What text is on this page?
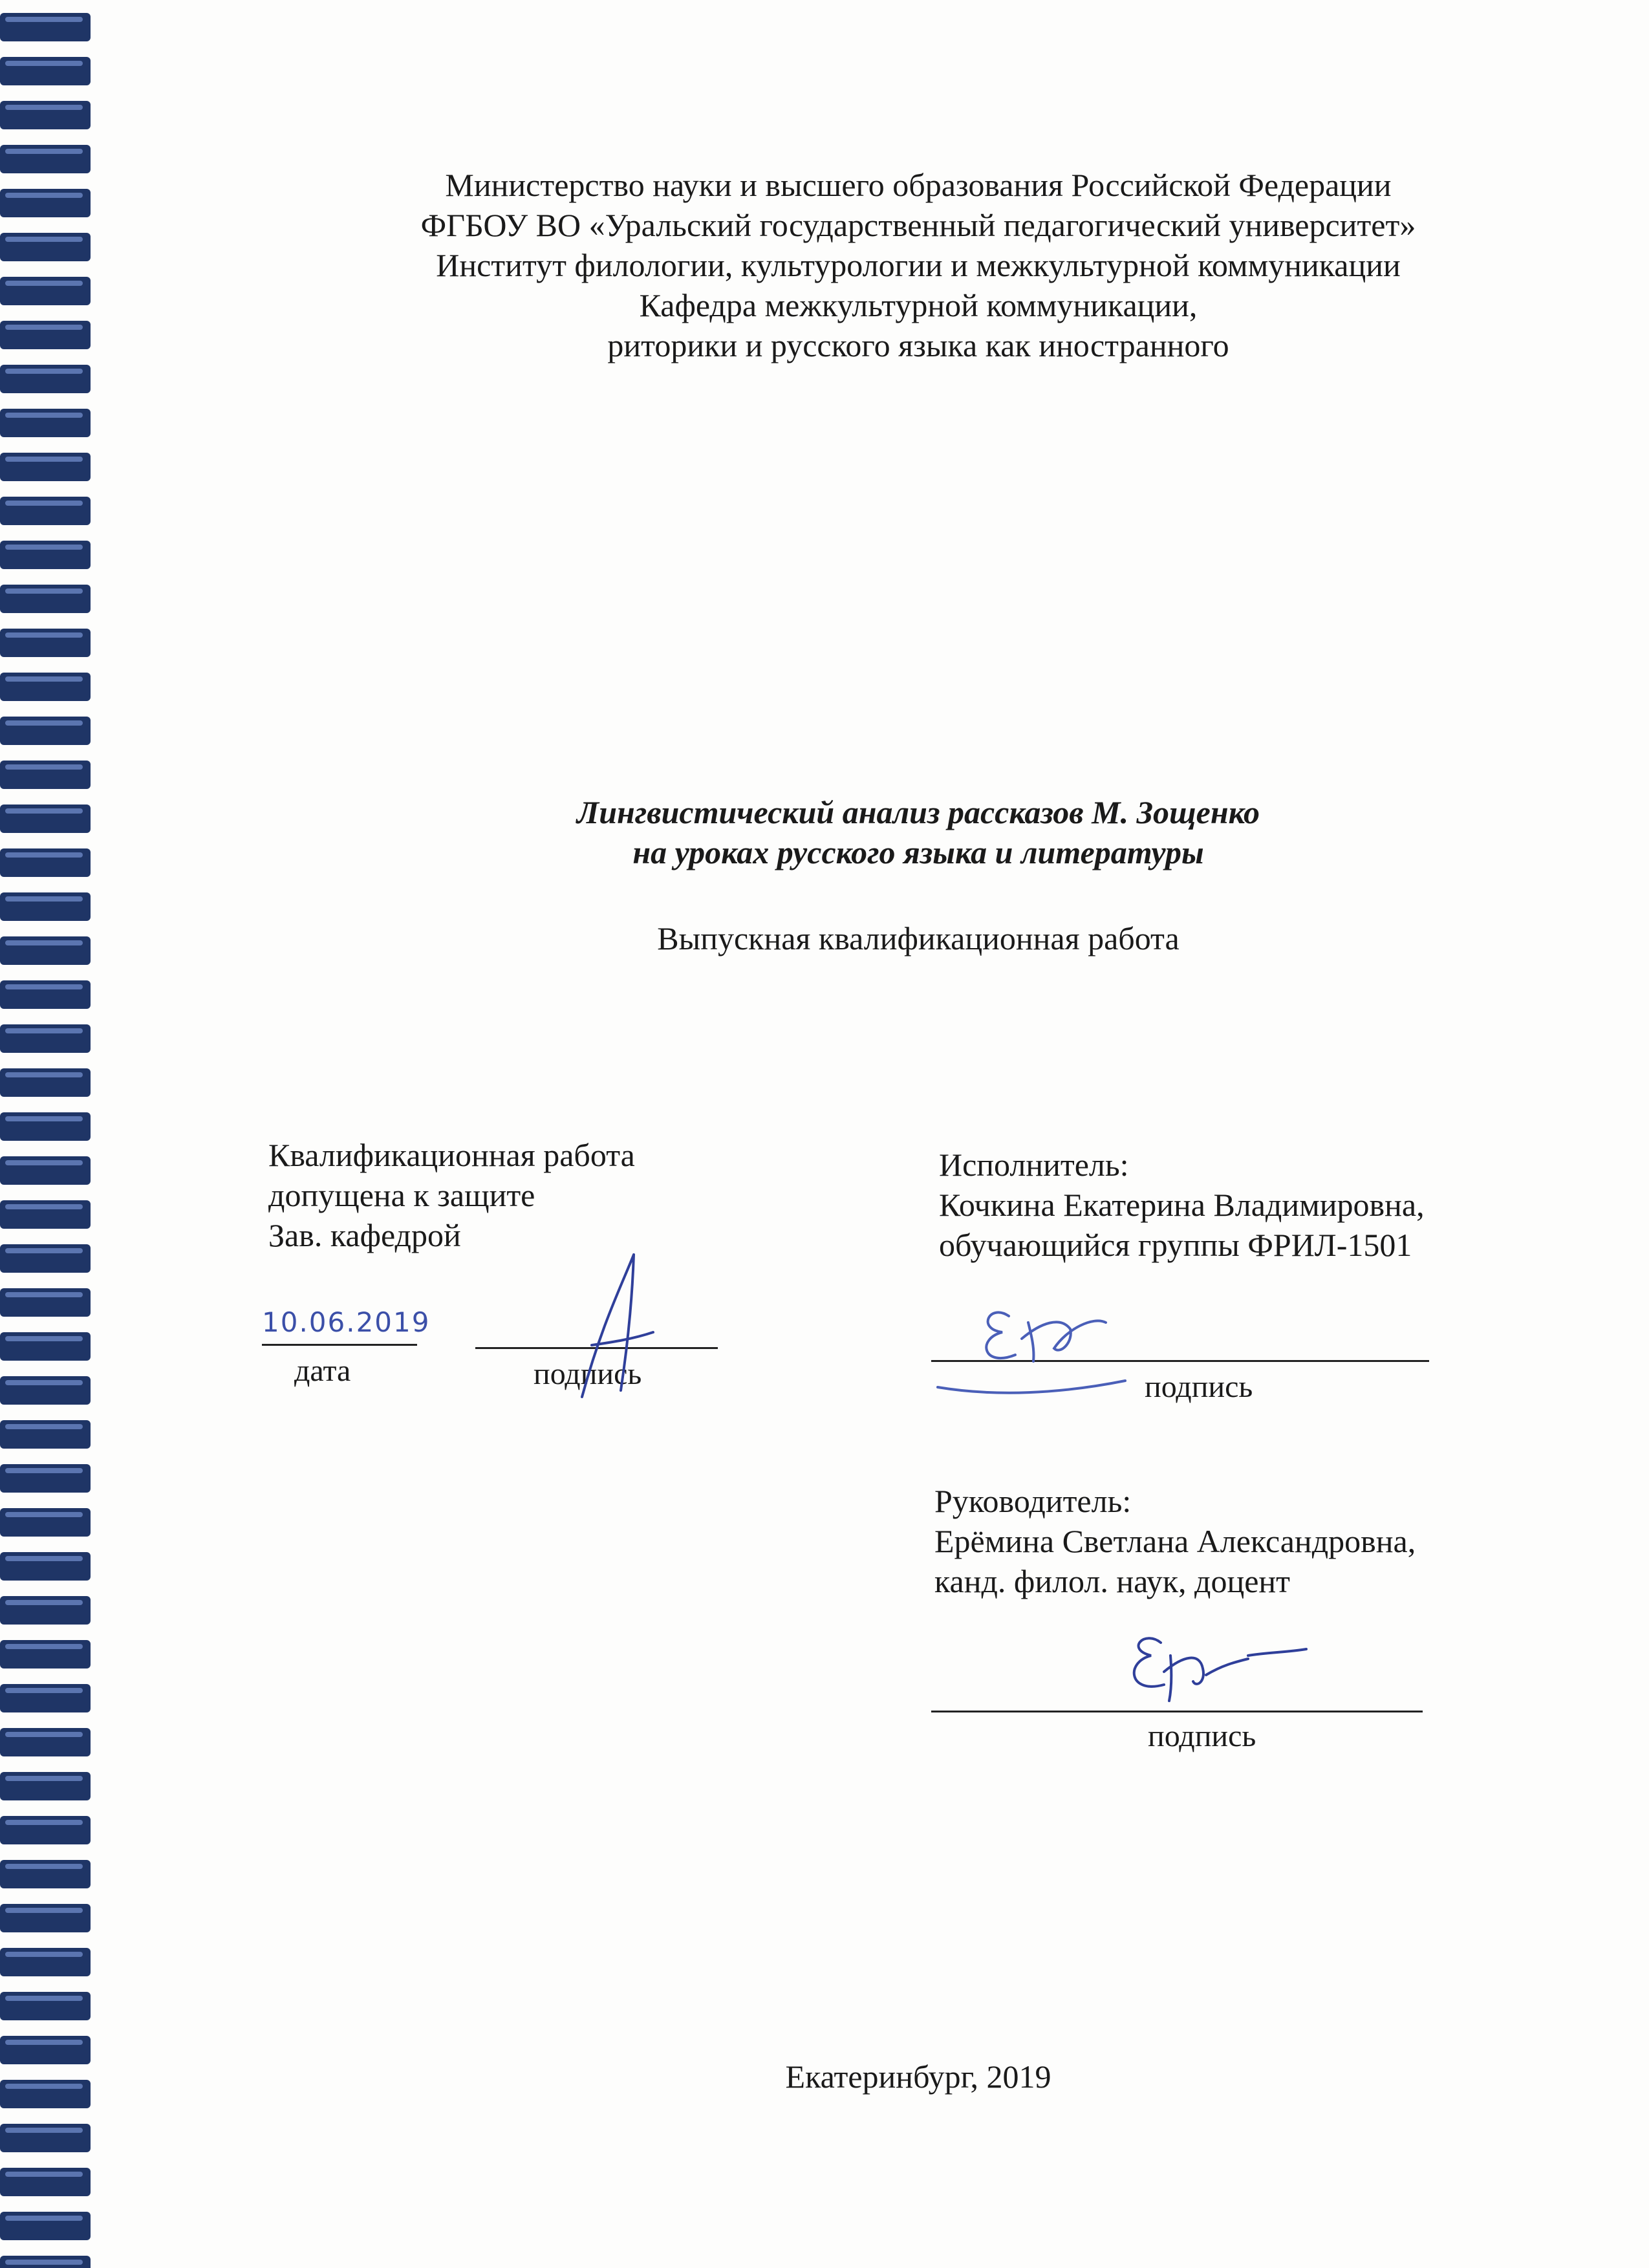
Министерство науки и высшего образования Российской Федерации
ФГБОУ ВО «Уральский государственный педагогический университет»
Институт филологии, культурологии и межкультурной коммуникации
Кафедра межкультурной коммуникации,
риторики и русского языка как иностранного
Лингвистический анализ рассказов М. Зощенко
на уроках русского языка и литературы
Выпускная квалификационная работа
Квалификационная работа
допущена к защите
Зав. кафедрой
10.06.2019
дата	подпись
Исполнитель:
Кочкина Екатерина Владимировна,
обучающийся группы ФРИЛ-1501
подпись
Руководитель:
Ерёмина Светлана Александровна,
канд. филол. наук, доцент
подпись
Екатеринбург, 2019
